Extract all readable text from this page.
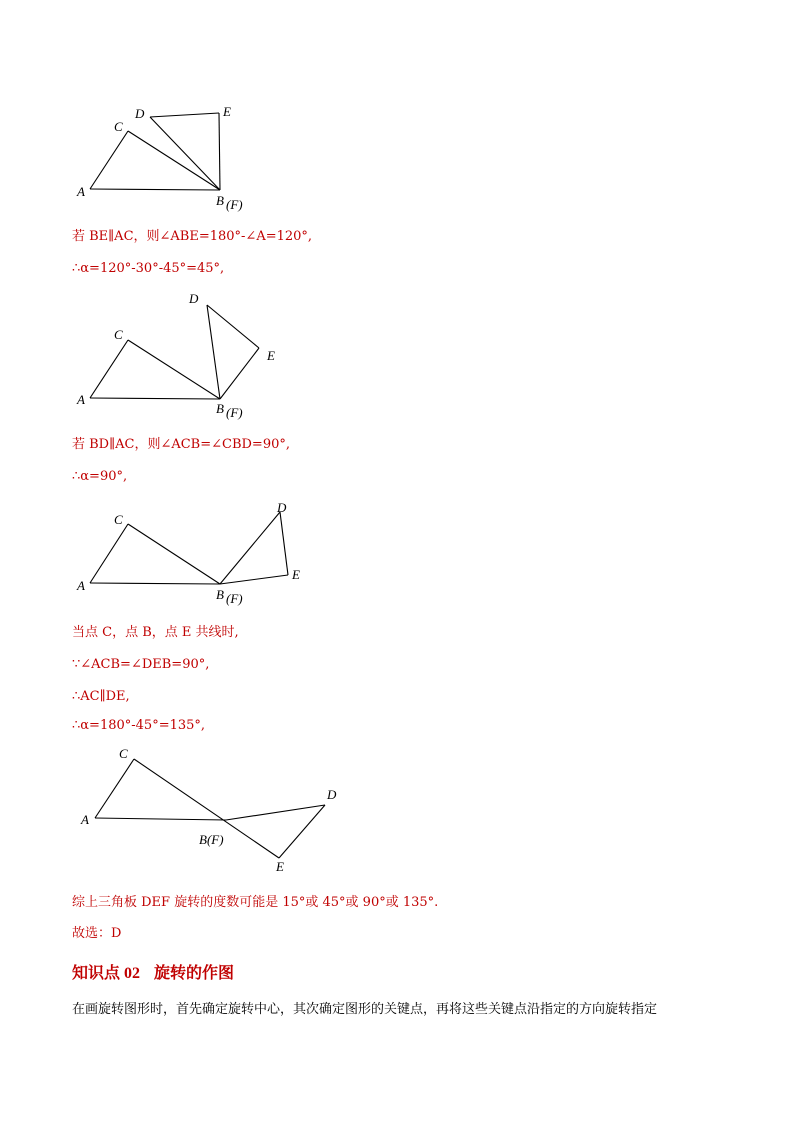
A
C
D	E
B (F)
若 BE∥AC，则∠ABE=180°-∠A=120°,
∴α=120°-30°-45°=45°,
A
C
D
E
B (F)
若 BD∥AC，则∠ACB=∠CBD=90°,
∴α=90°,
A
C
D
E
B (F)
当点 C，点 B，点 E 共线时,
∵∠ACB=∠DEB=90°,
∴AC∥DE,
∴α=180°-45°=135°,
A
C
D
E
B(F)
综上三角板 DEF 旋转的度数可能是 15°或 45°或 90°或 135°.
故选：D
知识点 02 旋转的作图
在画旋转图形时，首先确定旋转中心，其次确定图形的关键点，再将这些关键点沿指定的方向旋转指定
